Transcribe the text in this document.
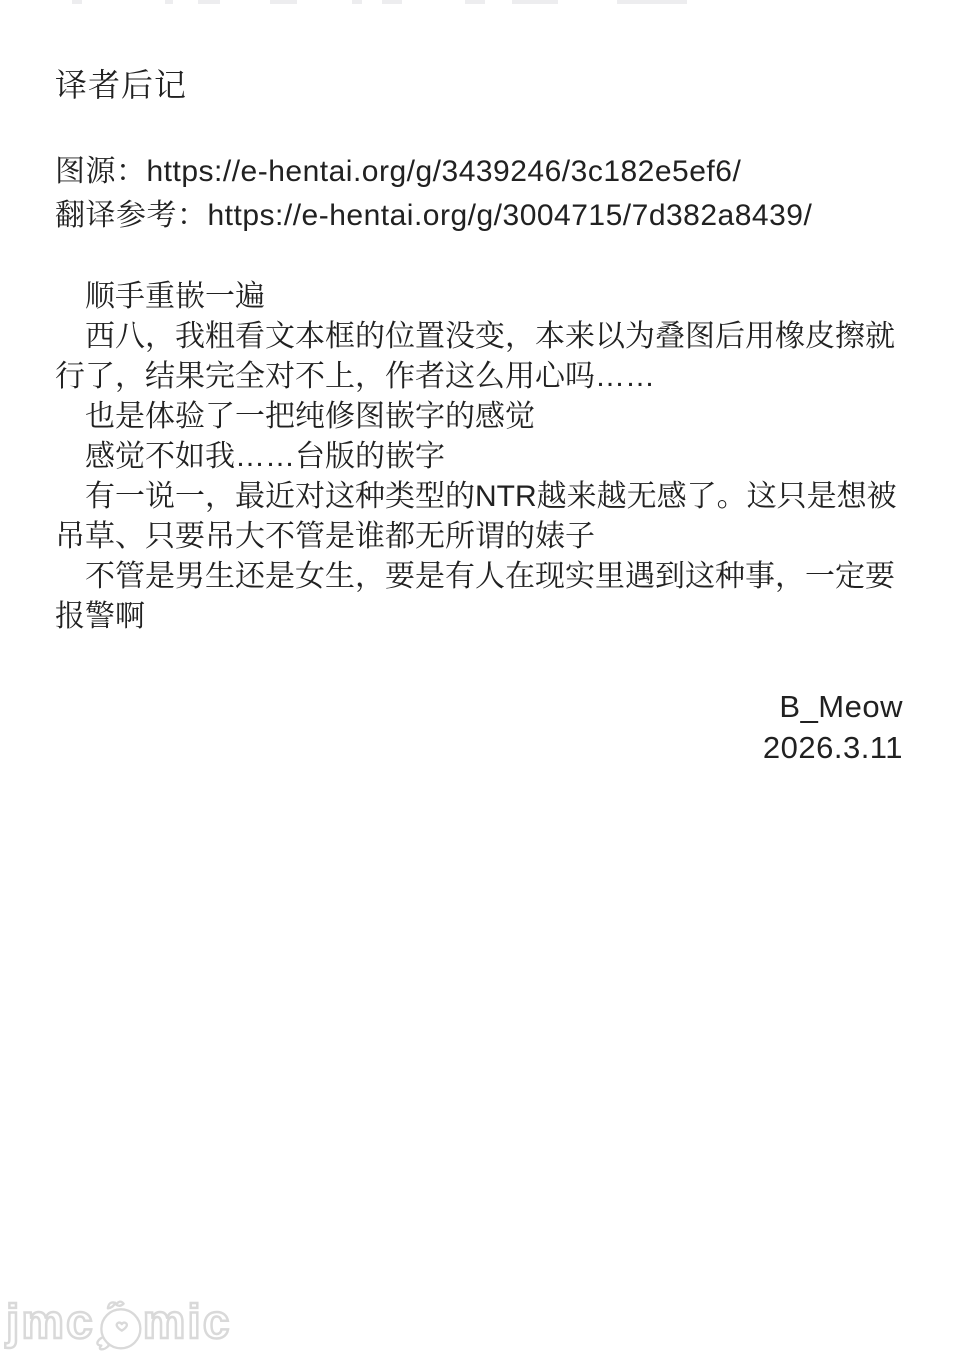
译者后记

图源：https://e-hentai.org/g/3439246/3c182e5ef6/

翻译参考：https://e-hentai.org/g/3004715/7d382a8439/

顺手重嵌一遍

西八，我粗看文本框的位置没变，本来以为叠图后用橡皮擦就行了，结果完全对不上，作者这么用心吗……

也是体验了一把纯修图嵌字的感觉

感觉不如我……台版的嵌字

有一说一，最近对这种类型的NTR越来越无感了。这只是想被吊草、只要吊大不管是谁都无所谓的婊子

不管是男生还是女生，要是有人在现实里遇到这种事，一定要报警啊

B_Meow

2026.3.11

jmc mic
